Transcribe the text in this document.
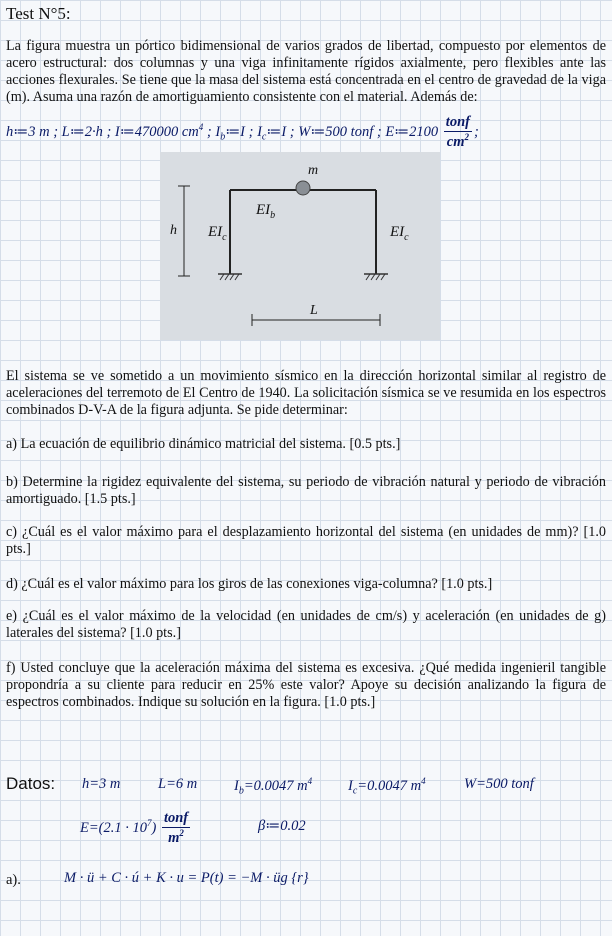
Test N°5:
La figura muestra un pórtico bidimensional de varios grados de libertad, compuesto por elementos de acero estructural: dos columnas y una viga infinitamente rígidos axialmente, pero flexibles ante las acciones flexurales. Se tiene que la masa del sistema está concentrada en el centro de gravedad de la viga (m). Asuma una razón de amortiguamiento consistente con el material. Además de:
h≔3 m ; L≔2·h ; I≔470000 $cm^4$ ; $I_b≔I$ ; $I_c≔I$ ; W≔500 tonf ; E≔2100 $\frac{\text{tonf}}{cm^2}$ ;
m
$EI_b$
$EI_c$	$EI_c$
h
L
El sistema se ve sometido a un movimiento sísmico en la dirección horizontal similar al registro de aceleraciones del terremoto de El Centro de 1940. La solicitación sísmica se ve resumida en los espectros combinados D-V-A de la figura adjunta. Se pide determinar:
a) La ecuación de equilibrio dinámico matricial del sistema. [0.5 pts.]
b) Determine la rigidez equivalente del sistema, su periodo de vibración natural y periodo de vibración amortiguado. [1.5 pts.]
c) ¿Cuál es el valor máximo para el desplazamiento horizontal del sistema (en unidades de mm)? [1.0 pts.]
d) ¿Cuál es el valor máximo para los giros de las conexiones viga-columna? [1.0 pts.]
e) ¿Cuál es el valor máximo de la velocidad (en unidades de cm/s) y aceleración (en unidades de g) laterales del sistema? [1.0 pts.]
f) Usted concluye que la aceleración máxima del sistema es excesiva. ¿Qué medida ingenieril tangible propondría a su cliente para reducir en 25% este valor? Apoye su decisión analizando la figura de espectros combinados. Indique su solución en la figura. [1.0 pts.]
Datos: h=3 m	L=6 m	$I_b=0.0047$ $m^4$ $I_c=0.0047$ $m^4$	W=500 tonf
$E=(2.1 \cdot 10^7) \frac{\text{tonf}}{m^2}$	β≔0.02
a).	M · ü + C · ú + K · u = P(t) = −M · üg {r}
